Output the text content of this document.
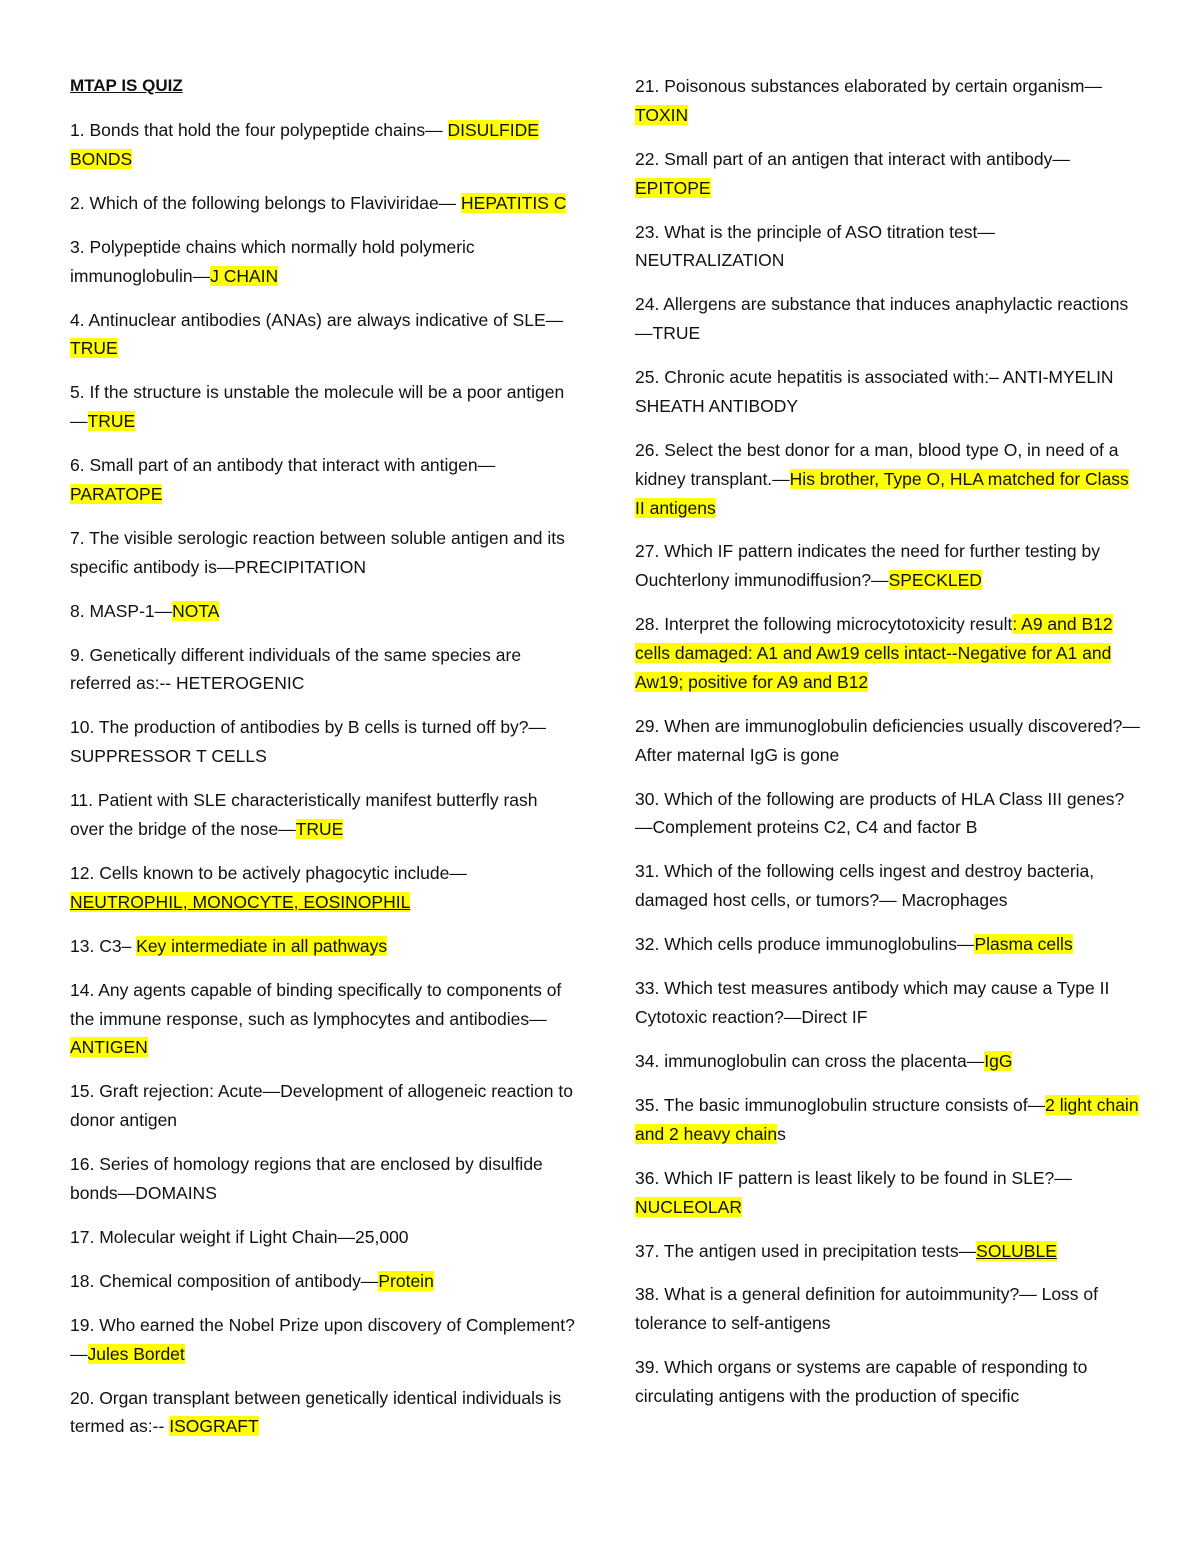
MTAP IS QUIZ
1. Bonds that hold the four polypeptide chains— DISULFIDE BONDS
2. Which of the following belongs to Flaviviridae— HEPATITIS C
3. Polypeptide chains which normally hold polymeric immunoglobulin—J CHAIN
4. Antinuclear antibodies (ANAs) are always indicative of SLE—TRUE
5. If the structure is unstable the molecule will be a poor antigen—TRUE
6. Small part of an antibody that interact with antigen— PARATOPE
7. The visible serologic reaction between soluble antigen and its specific antibody is—PRECIPITATION
8. MASP-1—NOTA
9. Genetically different individuals of the same species are referred as:-- HETEROGENIC
10. The production of antibodies by B cells is turned off by?—SUPPRESSOR T CELLS
11. Patient with SLE characteristically manifest butterfly rash over the bridge of the nose—TRUE
12. Cells known to be actively phagocytic include— NEUTROPHIL, MONOCYTE, EOSINOPHIL
13. C3– Key intermediate in all pathways
14. Any agents capable of binding specifically to components of the immune response, such as lymphocytes and antibodies—ANTIGEN
15. Graft rejection: Acute—Development of allogeneic reaction to donor antigen
16. Series of homology regions that are enclosed by disulfide bonds—DOMAINS
17. Molecular weight if Light Chain—25,000
18. Chemical composition of antibody—Protein
19. Who earned the Nobel Prize upon discovery of Complement?—Jules Bordet
20. Organ transplant between genetically identical individuals is termed as:-- ISOGRAFT
21. Poisonous substances elaborated by certain organism—TOXIN
22. Small part of an antigen that interact with antibody—EPITOPE
23. What is the principle of ASO titration test— NEUTRALIZATION
24. Allergens are substance that induces anaphylactic reactions—TRUE
25. Chronic acute hepatitis is associated with:– ANTI-MYELIN SHEATH ANTIBODY
26. Select the best donor for a man, blood type O, in need of a kidney transplant.—His brother, Type O, HLA matched for Class II antigens
27. Which IF pattern indicates the need for further testing by Ouchterlony immunodiffusion?—SPECKLED
28. Interpret the following microcytotoxicity result: A9 and B12 cells damaged: A1 and Aw19 cells intact--Negative for A1 and Aw19; positive for A9 and B12
29. When are immunoglobulin deficiencies usually discovered?—After maternal IgG is gone
30. Which of the following are products of HLA Class III genes?—Complement proteins C2, C4 and factor B
31. Which of the following cells ingest and destroy bacteria, damaged host cells, or tumors?— Macrophages
32. Which cells produce immunoglobulins—Plasma cells
33. Which test measures antibody which may cause a Type II Cytotoxic reaction?—Direct IF
34. immunoglobulin can cross the placenta—IgG
35. The basic immunoglobulin structure consists of—2 light chain and 2 heavy chains
36. Which IF pattern is least likely to be found in SLE?— NUCLEOLAR
37. The antigen used in precipitation tests—SOLUBLE
38. What is a general definition for autoimmunity?— Loss of tolerance to self-antigens
39. Which organs or systems are capable of responding to circulating antigens with the production of specific
